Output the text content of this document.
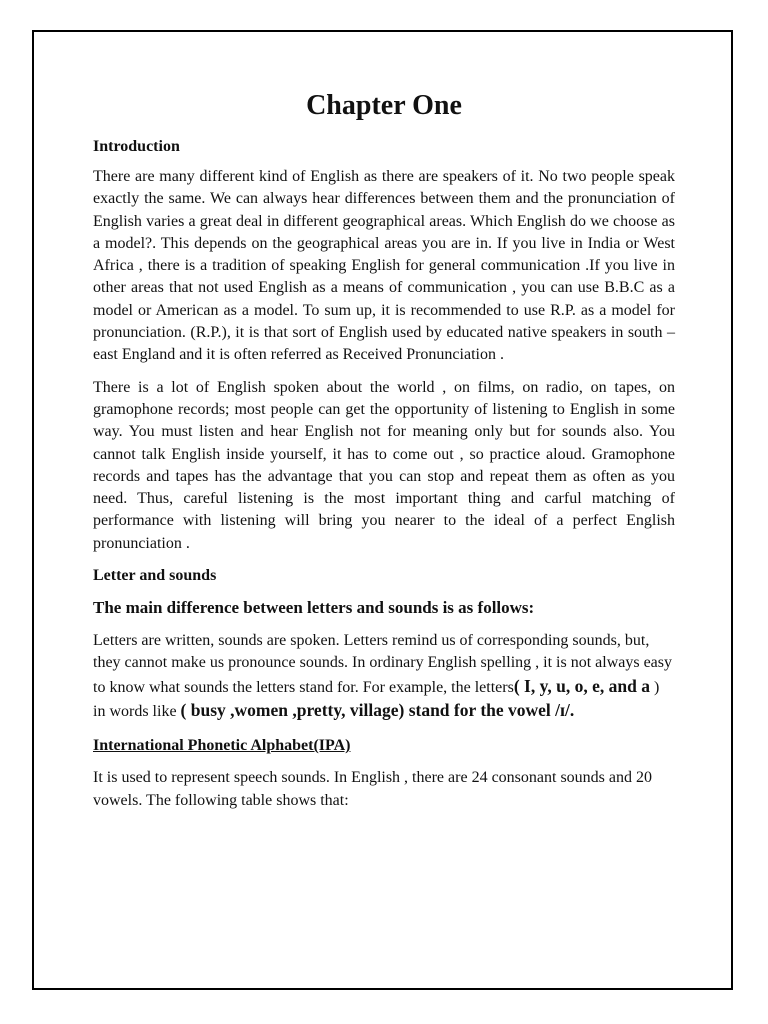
Chapter One
Introduction

There are many different kind of English as there are speakers of it. No two people speak exactly the same. We can always hear differences between them and the pronunciation of English varies a great deal in different geographical areas. Which English do we choose as a model?. This depends on the geographical areas you are in. If you live in India or West Africa , there is a tradition of speaking English for general communication .If you live in other areas that not used English as a means of communication , you can use B.B.C as a model or American as a model. To sum up, it is recommended to use R.P. as a model for pronunciation. (R.P.), it is that sort of English used by educated native speakers in south –east England and it is often referred as Received Pronunciation .

There is a lot of English spoken about the world , on films, on radio, on tapes, on gramophone records; most people can get the opportunity of listening to English in some way. You must listen and hear English not for meaning only but for sounds also. You cannot talk English inside yourself, it has to come out , so practice aloud. Gramophone records and tapes has the advantage that you can stop and repeat them as often as you need. Thus, careful listening is the most important thing and carful matching of performance with listening will bring you nearer to the ideal of a perfect English pronunciation .

Letter and sounds
The main difference between letters and sounds is as follows:

Letters are written, sounds are spoken. Letters remind us of corresponding sounds, but, they cannot make us pronounce sounds. In ordinary English spelling , it is not always easy to know what sounds the letters stand for. For example, the letters( I, y, u, o, e, and a ) in words like ( busy ,women ,pretty, village) stand for the vowel /ɪ/.

International Phonetic Alphabet(IPA)

It is used to represent speech sounds. In English , there are 24 consonant sounds and 20 vowels. The following table shows that:
